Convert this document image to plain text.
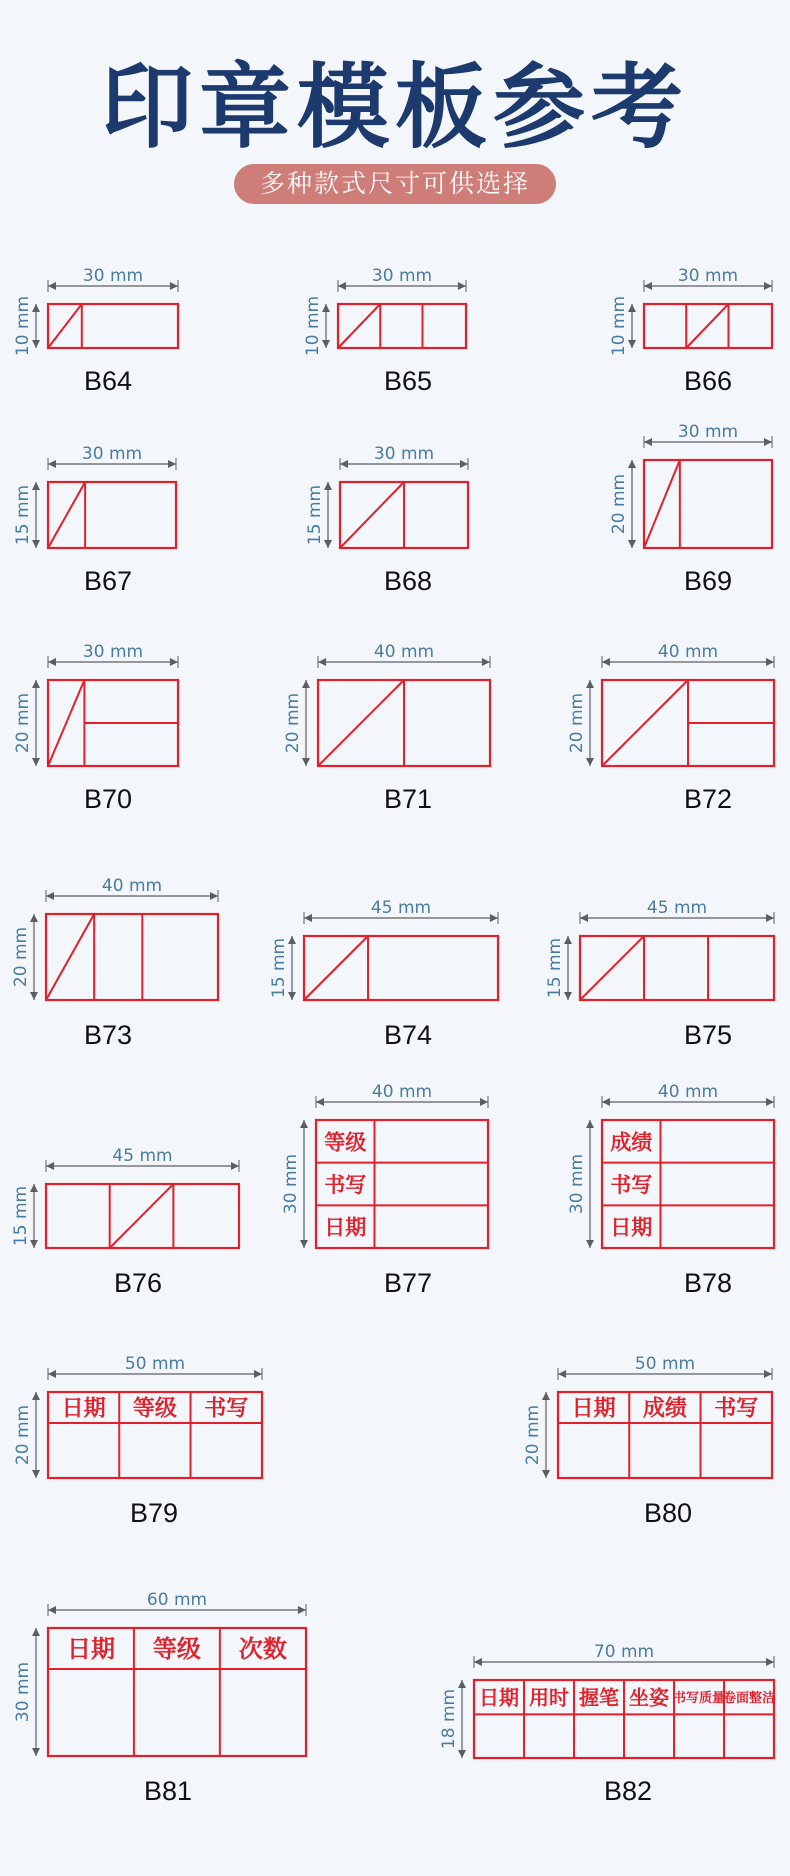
印章模板参考
多种款式尺寸可供选择
30 mm
10 mm
B64
30 mm
10 mm
B65
30 mm
10 mm
B66
30 mm
15 mm
B67
30 mm
15 mm
B68
30 mm
20 mm
B69
30 mm
20 mm
B70
40 mm
20 mm
B71
40 mm
20 mm
B72
40 mm
20 mm
B73
45 mm
15 mm
B74
45 mm
15 mm
B75
45 mm
15 mm
B76
等级
书写
日期
40 mm
30 mm
B77
成绩
书写
日期
40 mm
30 mm
B78
日期 等级 书写
50 mm
20 mm
B79
日期 成绩 书写
50 mm
20 mm
B80
日期 等级 次数
60 mm
30 mm
B81
日期 用时 握笔 坐姿 书写质量
卷面整洁
70 mm
18 mm
B82
